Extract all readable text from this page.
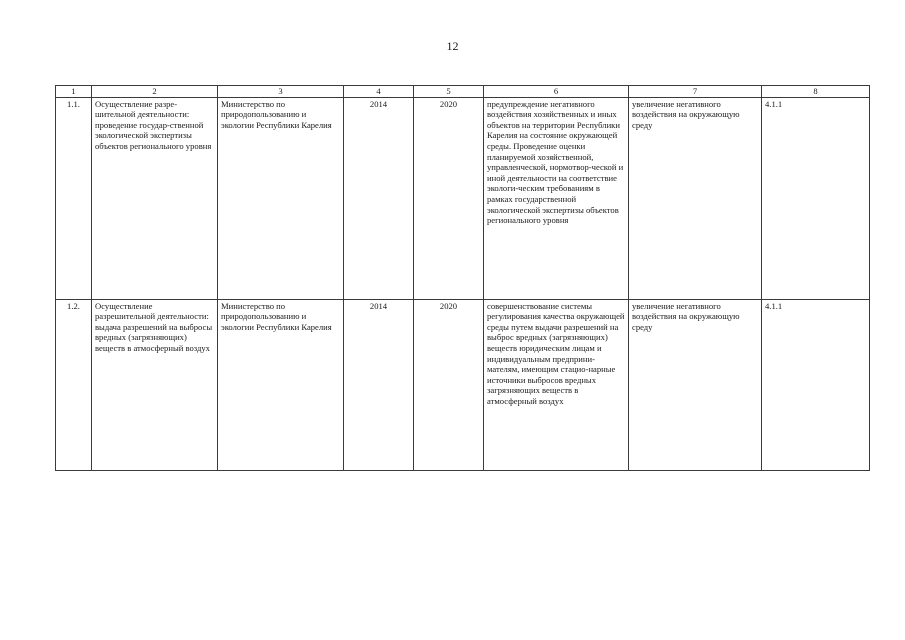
12
1	2	3	4	5	6	7	8
1.1.	Осуществление разре-шительной деятельности: проведение государ-ственной экологической экспертизы объектов регионального уровня	Министерство по природопользованию и экологии Республики Карелия	2014	2020	предупреждение негативного воздействия хозяйственных и иных объектов на территории Республики Карелия на состояние окружающей среды. Проведение оценки планируемой хозяйственной, управленческой, нормотвор-ческой и иной деятельности на соответствие экологи-ческим требованиям в рамках государственной экологической экспертизы объектов регионального уровня	увеличение негативного воздействия на окружающую среду	4.1.1
1.2.	Осуществление разрешительной деятельности: выдача разрешений на выбросы вредных (загрязняющих) веществ в атмосферный воздух	Министерство по природопользованию и экологии Республики Карелия	2014	2020	совершенствование системы регулирования качества окружающей среды путем выдачи разрешений на выброс вредных (загрязняющих) веществ юридическим лицам и индивидуальным предприни-мателям, имеющим стацио-нарные источники выбросов вредных загрязняющих веществ в атмосферный воздух	увеличение негативного воздействия на окружающую среду	4.1.1
